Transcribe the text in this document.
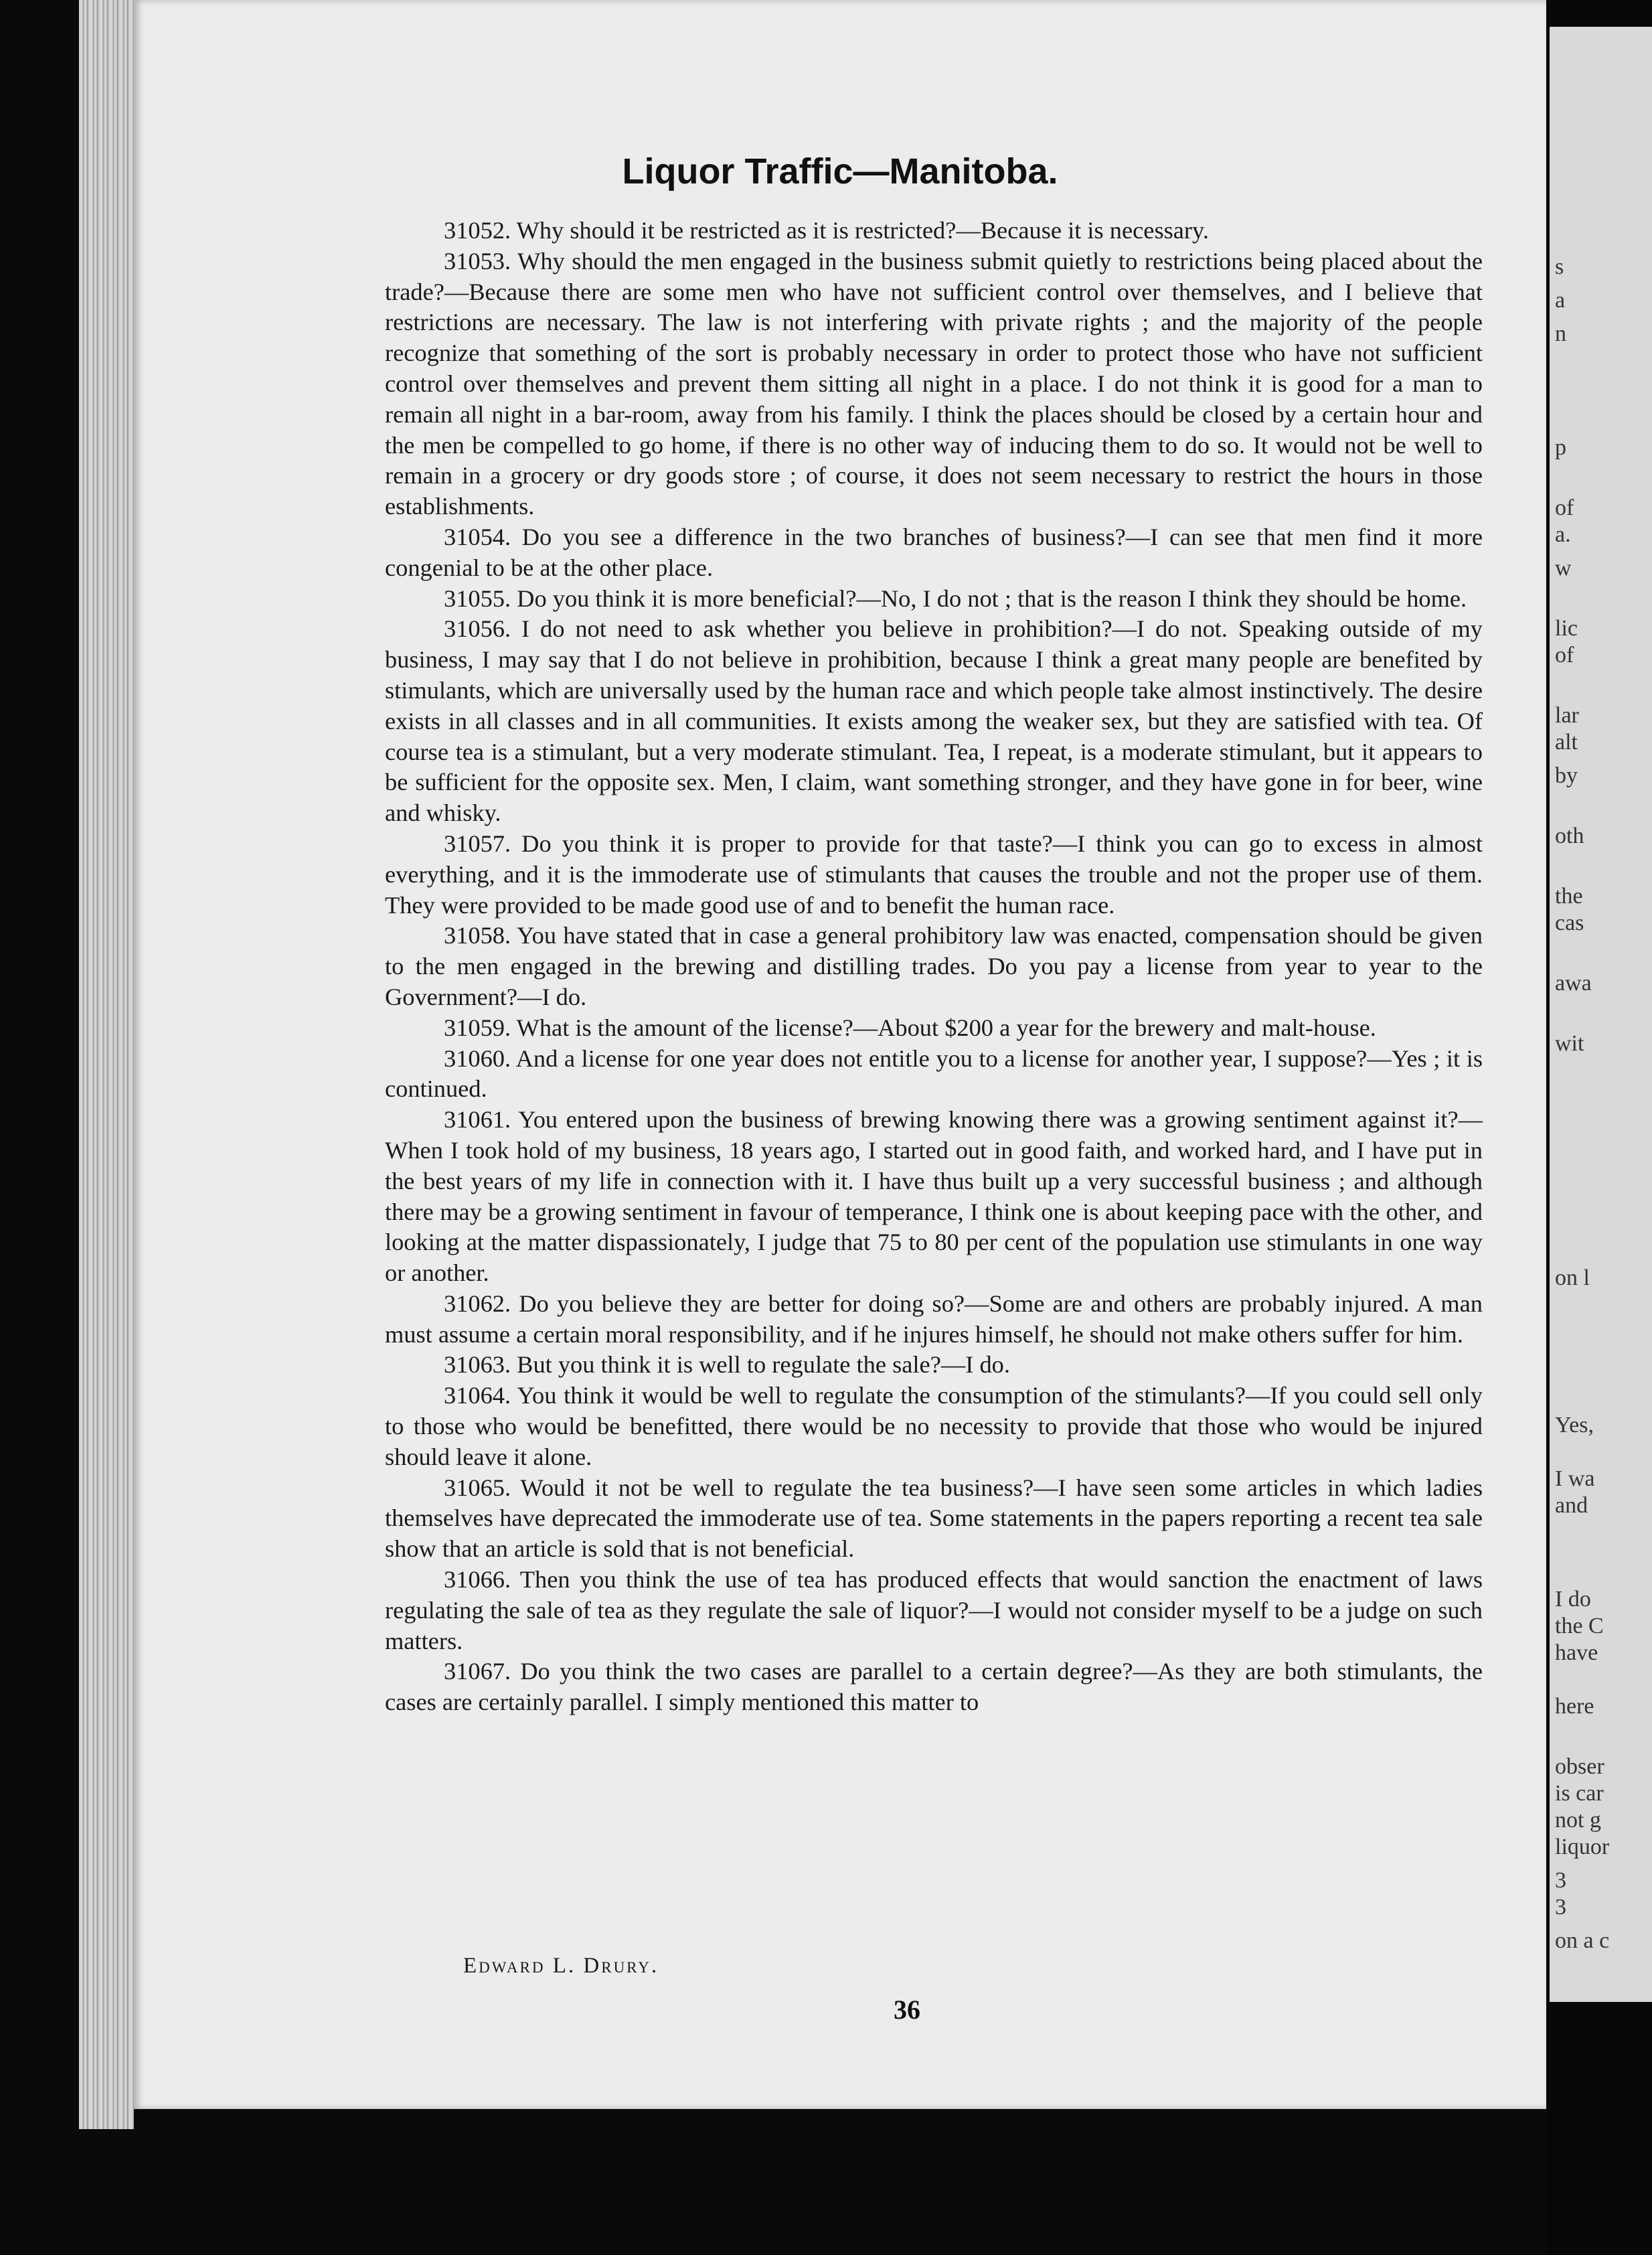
s
a
n
p
of
a.
w
lic
of
lar
alt
by
oth
the
cas
awa
wit
on l
Yes,
I wa
and
I do
the C
have
here
obser
is car
not g
liquor
3
3
on a c
Liquor Traffic—Manitoba.

31052. Why should it be restricted as it is restricted?—Because it is necessary.

31053. Why should the men engaged in the business submit quietly to restrictions being placed about the trade?—Because there are some men who have not sufficient control over themselves, and I believe that restrictions are necessary. The law is not interfering with private rights ; and the majority of the people recognize that something of the sort is probably necessary in order to protect those who have not sufficient control over themselves and prevent them sitting all night in a place. I do not think it is good for a man to remain all night in a bar-room, away from his family. I think the places should be closed by a certain hour and the men be compelled to go home, if there is no other way of inducing them to do so. It would not be well to remain in a grocery or dry goods store ; of course, it does not seem necessary to restrict the hours in those establishments.

31054. Do you see a difference in the two branches of business?—I can see that men find it more congenial to be at the other place.

31055. Do you think it is more beneficial?—No, I do not ; that is the reason I think they should be home.

31056. I do not need to ask whether you believe in prohibition?—I do not. Speaking outside of my business, I may say that I do not believe in prohibition, because I think a great many people are benefited by stimulants, which are universally used by the human race and which people take almost instinctively. The desire exists in all classes and in all communities. It exists among the weaker sex, but they are satisfied with tea. Of course tea is a stimulant, but a very moderate stimulant. Tea, I repeat, is a moderate stimulant, but it appears to be sufficient for the opposite sex. Men, I claim, want something stronger, and they have gone in for beer, wine and whisky.

31057. Do you think it is proper to provide for that taste?—I think you can go to excess in almost everything, and it is the immoderate use of stimulants that causes the trouble and not the proper use of them. They were provided to be made good use of and to benefit the human race.

31058. You have stated that in case a general prohibitory law was enacted, compensation should be given to the men engaged in the brewing and distilling trades. Do you pay a license from year to year to the Government?—I do.

31059. What is the amount of the license?—About $200 a year for the brewery and malt-house.

31060. And a license for one year does not entitle you to a license for another year, I suppose?—Yes ; it is continued.

31061. You entered upon the business of brewing knowing there was a growing sentiment against it?—When I took hold of my business, 18 years ago, I started out in good faith, and worked hard, and I have put in the best years of my life in connection with it. I have thus built up a very successful business ; and although there may be a growing sentiment in favour of temperance, I think one is about keeping pace with the other, and looking at the matter dispassionately, I judge that 75 to 80 per cent of the population use stimulants in one way or another.

31062. Do you believe they are better for doing so?—Some are and others are probably injured. A man must assume a certain moral responsibility, and if he injures himself, he should not make others suffer for him.

31063. But you think it is well to regulate the sale?—I do.

31064. You think it would be well to regulate the consumption of the stimulants?—If you could sell only to those who would be benefitted, there would be no necessity to provide that those who would be injured should leave it alone.

31065. Would it not be well to regulate the tea business?—I have seen some articles in which ladies themselves have deprecated the immoderate use of tea. Some statements in the papers reporting a recent tea sale show that an article is sold that is not beneficial.

31066. Then you think the use of tea has produced effects that would sanction the enactment of laws regulating the sale of tea as they regulate the sale of liquor?—I would not consider myself to be a judge on such matters.

31067. Do you think the two cases are parallel to a certain degree?—As they are both stimulants, the cases are certainly parallel. I simply mentioned this matter to

Edward L. Drury.
36
